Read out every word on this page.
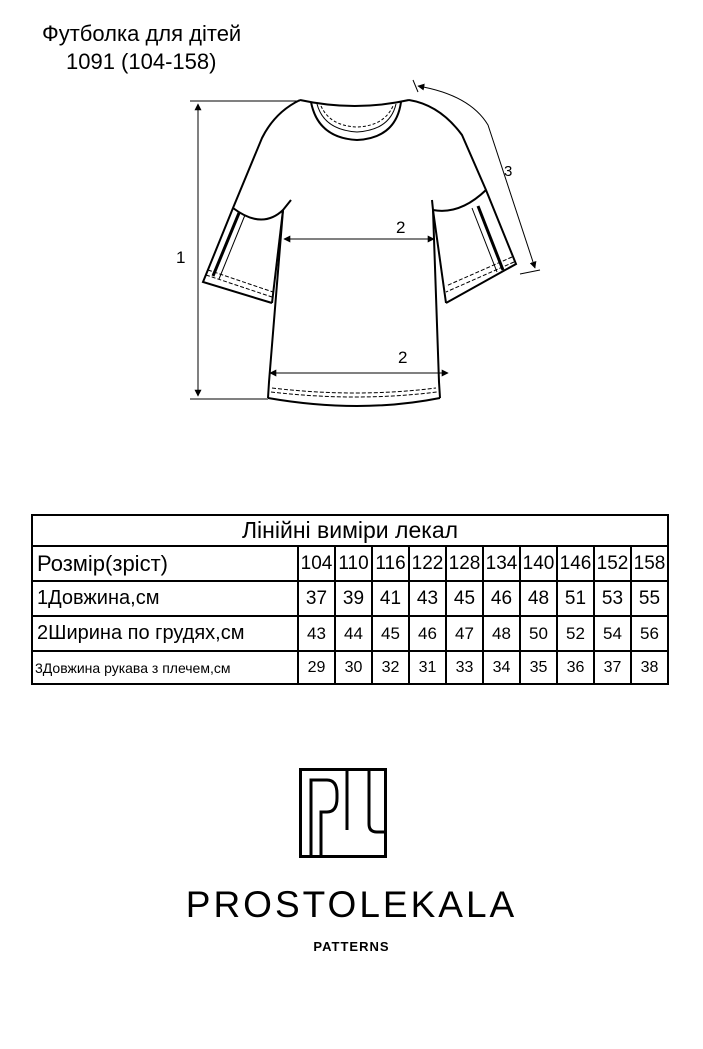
Футболка для дітей
1091 (104-158)
1
2
2
3
Лінійні виміри лекал										
Розмір(зріст)	104	110	116	122	128	134	140	146	152	158
1Довжина,см	37	39	41	43	45	46	48	51	53	55
2Ширина по грудях,см	43	44	45	46	47	48	50	52	54	56
3Довжина рукава з плечем,см	29	30	32	31	33	34	35	36	37	38
PROSTOLEKALA
PATTERNS
